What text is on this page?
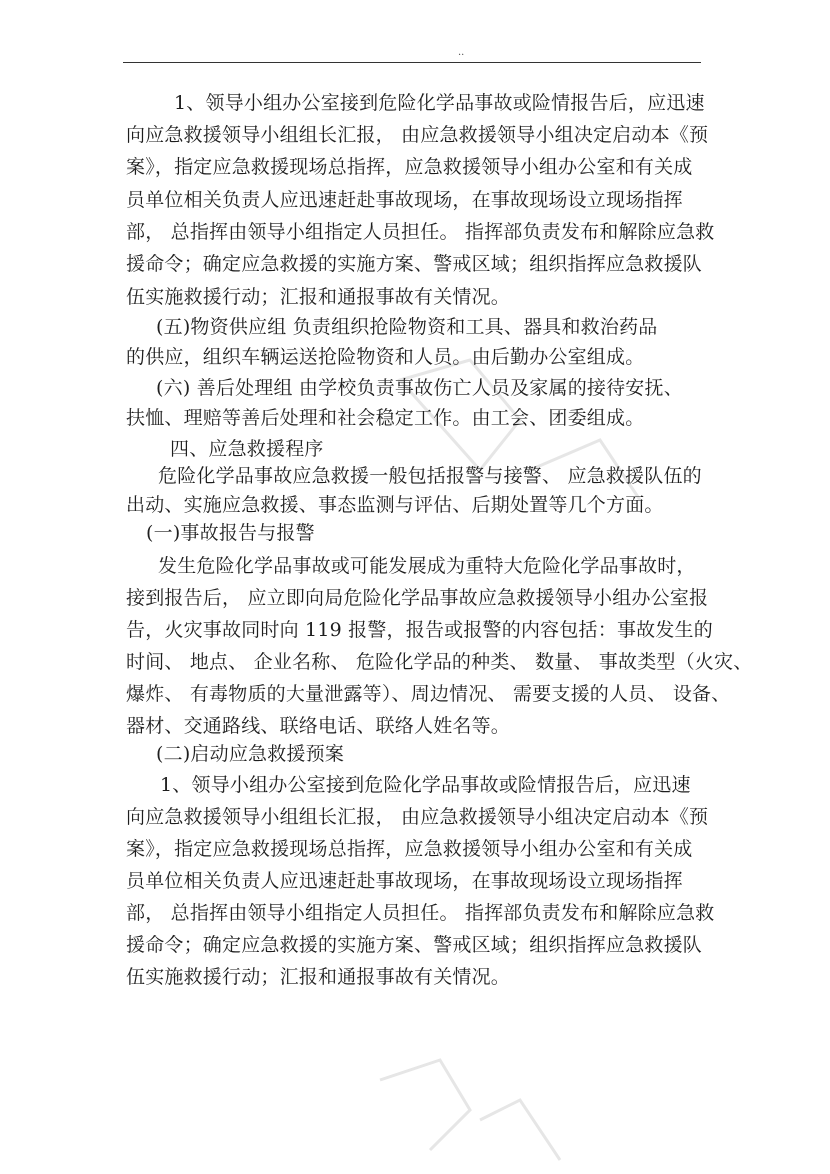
··
1、领导小组办公室接到危险化学品事故或险情报告后，应迅速
向应急救援领导小组组长汇报， 由应急救援领导小组决定启动本《预
案》，指定应急救援现场总指挥，应急救援领导小组办公室和有关成
员单位相关负责人应迅速赶赴事故现场，在事故现场设立现场指挥
部， 总指挥由领导小组指定人员担任。 指挥部负责发布和解除应急救
援命令；确定应急救援的实施方案、警戒区域；组织指挥应急救援队
伍实施救援行动；汇报和通报事故有关情况。
(五)物资供应组 负责组织抢险物资和工具、器具和救治药品
的供应，组织车辆运送抢险物资和人员。由后勤办公室组成。
(六) 善后处理组 由学校负责事故伤亡人员及家属的接待安抚、
扶恤、理赔等善后处理和社会稳定工作。由工会、团委组成。
四、应急救援程序
危险化学品事故应急救援一般包括报警与接警、 应急救援队伍的
出动、实施应急救援、事态监测与评估、后期处置等几个方面。
(一)事故报告与报警
发生危险化学品事故或可能发展成为重特大危险化学品事故时，
接到报告后， 应立即向局危险化学品事故应急救援领导小组办公室报
告，火灾事故同时向 119 报警，报告或报警的内容包括：事故发生的
时间、 地点、 企业名称、 危险化学品的种类、 数量、 事故类型（火灾、
爆炸、 有毒物质的大量泄露等）、周边情况、 需要支援的人员、 设备、
器材、交通路线、联络电话、联络人姓名等。
(二)启动应急救援预案
1、领导小组办公室接到危险化学品事故或险情报告后，应迅速
向应急救援领导小组组长汇报， 由应急救援领导小组决定启动本《预
案》，指定应急救援现场总指挥，应急救援领导小组办公室和有关成
员单位相关负责人应迅速赶赴事故现场，在事故现场设立现场指挥
部， 总指挥由领导小组指定人员担任。 指挥部负责发布和解除应急救
援命令；确定应急救援的实施方案、警戒区域；组织指挥应急救援队
伍实施救援行动；汇报和通报事故有关情况。
